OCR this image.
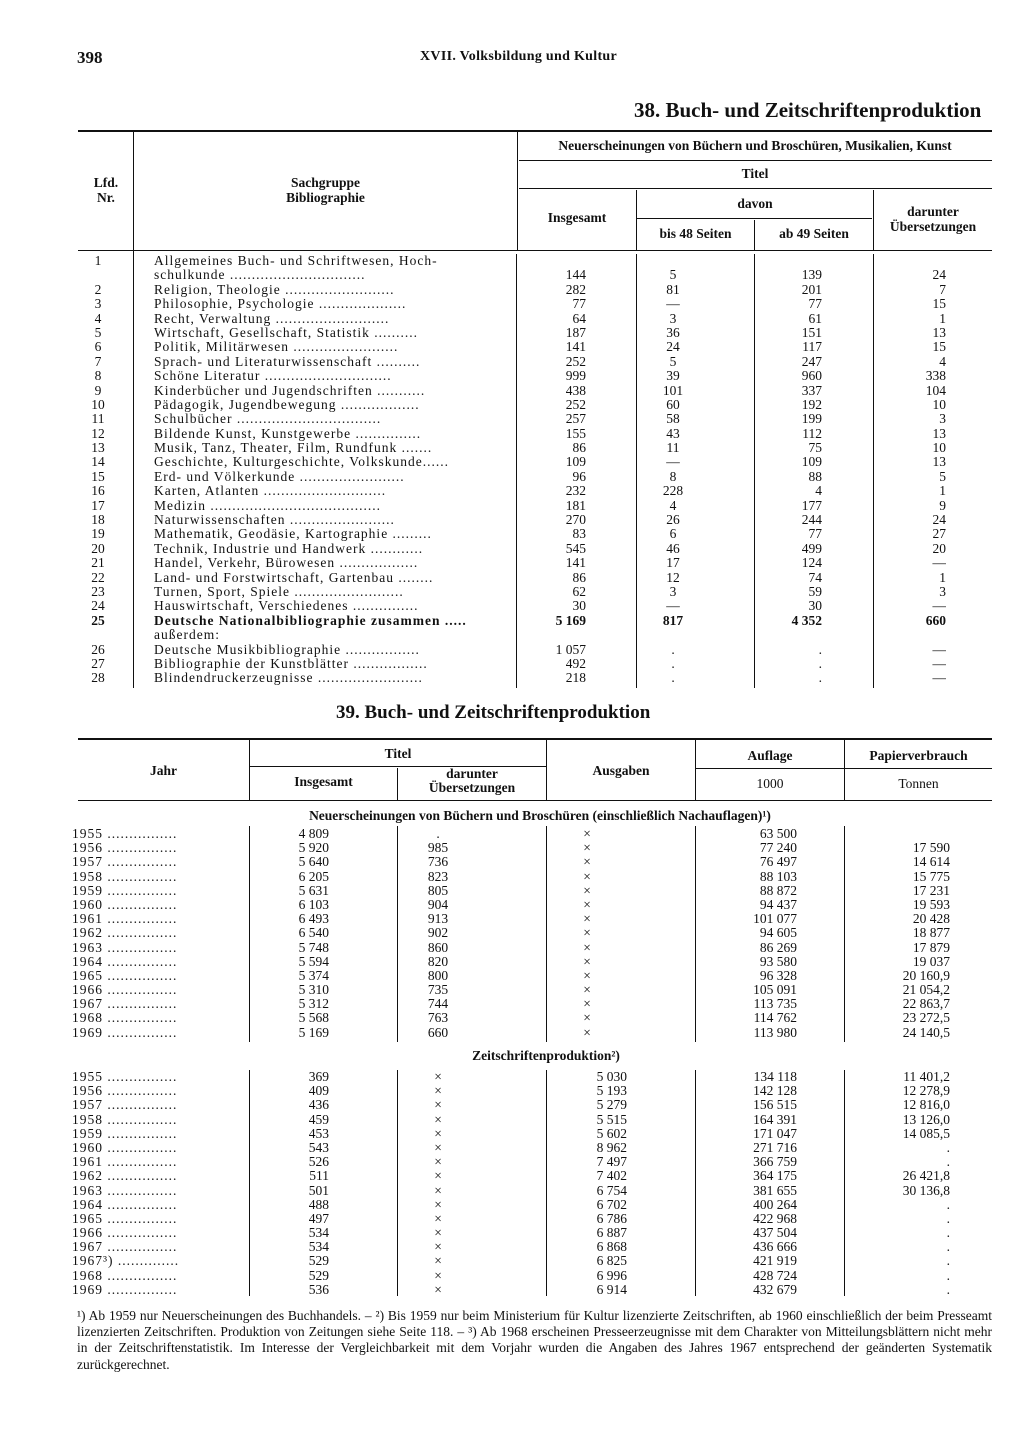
398	XVII. Volksbildung und Kultur
38. Buch- und Zeitschriftenproduktion
Lfd.
Nr.
Sachgruppe
Bibliographie
Neuerscheinungen von Büchern und Broschüren, Musikalien, Kunst
Titel
Insgesamt
davon
bis 48 Seiten	ab 49 Seiten
darunter
Übersetzungen
1	Allgemeines Buch- und Schriftwesen, Hoch-
schulkunde ...............................	144	5	139	24
2	Religion, Theologie .........................	282	81	201	7
3	Philosophie, Psychologie ....................	77	—	77	15
4	Recht, Verwaltung ..........................	64	3	61	1
5	Wirtschaft, Gesellschaft, Statistik ..........	187	36	151	13
6	Politik, Militärwesen ........................	141	24	117	15
7	Sprach- und Literaturwissenschaft ..........	252	5	247	4
8	Schöne Literatur .............................	999	39	960	338
9	Kinderbücher und Jugendschriften ...........	438	101	337	104
10	Pädagogik, Jugendbewegung ..................	252	60	192	10
11	Schulbücher .................................	257	58	199	3
12	Bildende Kunst, Kunstgewerbe ...............	155	43	112	13
13	Musik, Tanz, Theater, Film, Rundfunk .......	86	11	75	10
14	Geschichte, Kulturgeschichte, Volkskunde......	109	—	109	13
15	Erd- und Völkerkunde ........................	96	8	88	5
16	Karten, Atlanten ............................	232	228	4	1
17	Medizin .......................................	181	4	177	9
18	Naturwissenschaften ........................	270	26	244	24
19	Mathematik, Geodäsie, Kartographie .........	83	6	77	27
20	Technik, Industrie und Handwerk ............	545	46	499	20
21	Handel, Verkehr, Bürowesen ..................	141	17	124	—
22	Land- und Forstwirtschaft, Gartenbau ........	86	12	74	1
23	Turnen, Sport, Spiele .........................	62	3	59	3
24	Hauswirtschaft, Verschiedenes ...............	30	—	30	—
25	Deutsche Nationalbibliographie zusammen .....	5 169	817	4 352	660
außerdem:
26	Deutsche Musikbibliographie .................	1 057	.	.	—
27	Bibliographie der Kunstblätter .................	492	.	.	—
28	Blindendruckerzeugnisse ........................	218	.	.	—
39. Buch- und Zeitschriftenproduktion
Jahr
Titel
Insgesamt
darunter
Übersetzungen
Ausgaben
Auflage
1000
Papierverbrauch
Tonnen
Neuerscheinungen von Büchern und Broschüren (einschließlich Nachauflagen)¹)
1955 ................	4 809	.	×	63 500
1956 ................	5 920	985	×	77 240	17 590
1957 ................	5 640	736	×	76 497	14 614
1958 ................	6 205	823	×	88 103	15 775
1959 ................	5 631	805	×	88 872	17 231
1960 ................	6 103	904	×	94 437	19 593
1961 ................	6 493	913	×	101 077	20 428
1962 ................	6 540	902	×	94 605	18 877
1963 ................	5 748	860	×	86 269	17 879
1964 ................	5 594	820	×	93 580	19 037
1965 ................	5 374	800	×	96 328	20 160,9
1966 ................	5 310	735	×	105 091	21 054,2
1967 ................	5 312	744	×	113 735	22 863,7
1968 ................	5 568	763	×	114 762	23 272,5
1969 ................	5 169	660	×	113 980	24 140,5
Zeitschriftenproduktion²)
1955 ................	369	×	5 030	134 118	11 401,2
1956 ................	409	×	5 193	142 128	12 278,9
1957 ................	436	×	5 279	156 515	12 816,0
1958 ................	459	×	5 515	164 391	13 126,0
1959 ................	453	×	5 602	171 047	14 085,5
1960 ................	543	×	8 962	271 716	.
1961 ................	526	×	7 497	366 759	.
1962 ................	511	×	7 402	364 175	26 421,8
1963 ................	501	×	6 754	381 655	30 136,8
1964 ................	488	×	6 702	400 264	.
1965 ................	497	×	6 786	422 968	.
1966 ................	534	×	6 887	437 504	.
1967 ................	534	×	6 868	436 666	.
1967³) ..............	529	×	6 825	421 919	.
1968 ................	529	×	6 996	428 724	.
1969 ................	536	×	6 914	432 679	.

¹) Ab 1959 nur Neuerscheinungen des Buchhandels. – ²) Bis 1959 nur beim Ministerium für Kultur lizenzierte Zeitschriften, ab 1960 einschließlich der beim Presseamt lizenzierten Zeitschriften. Produktion von Zeitungen siehe Seite 118. – ³) Ab 1968 erscheinen Presseerzeugnisse mit dem Charakter von Mitteilungsblättern nicht mehr in der Zeitschriftenstatistik. Im Interesse der Vergleichbarkeit mit dem Vorjahr wurden die Angaben des Jahres 1967 entsprechend der geänderten Systematik zurückgerechnet.
